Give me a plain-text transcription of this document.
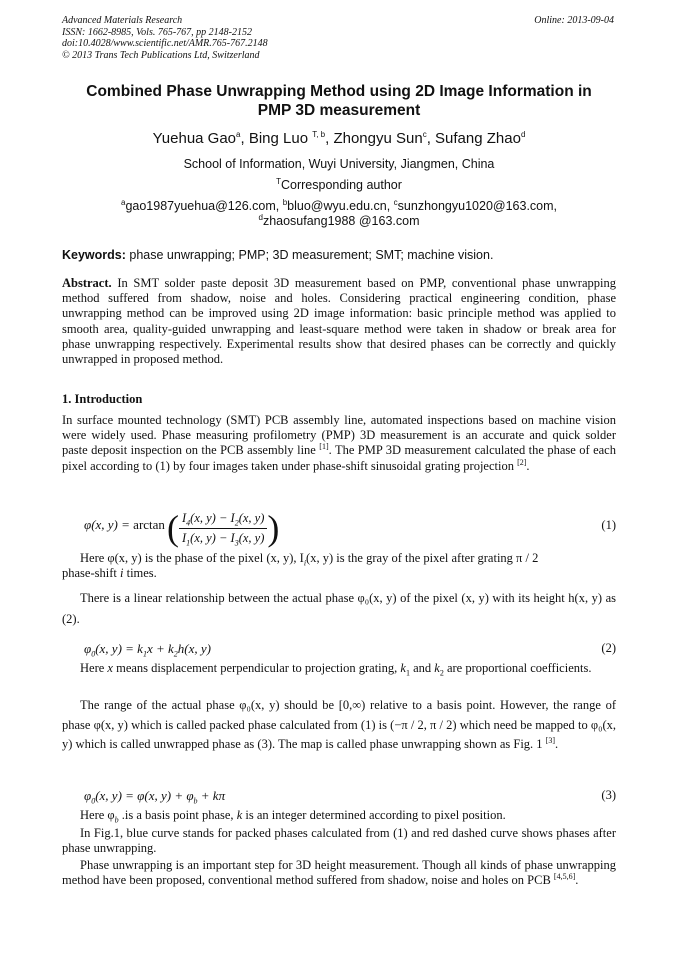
Advanced Materials Research
ISSN: 1662-8985, Vols. 765-767, pp 2148-2152
doi:10.4028/www.scientific.net/AMR.765-767.2148
© 2013 Trans Tech Publications Ltd, Switzerland
Online: 2013-09-04
Combined Phase Unwrapping Method using 2D Image Information in
PMP 3D measurement
Yuehua Gao$^a$, Bing Luo $^{T, b}$, Zhongyu Sun$^c$, Sufang Zhao$^d$
School of Information, Wuyi University, Jiangmen, China
$^T$Corresponding author
$^a$gao1987yuehua@126.com, $^b$bluo@wyu.edu.cn, $^c$sunzhongyu1020@163.com,
$^d$zhaosufang1988 @163.com
Keywords: phase unwrapping; PMP; 3D measurement; SMT; machine vision.
Abstract. In SMT solder paste deposit 3D measurement based on PMP, conventional phase unwrapping method suffered from shadow, noise and holes. Considering practical engineering condition, phase unwrapping method can be improved using 2D image information: basic principle method was applied to smooth area, quality-guided unwrapping and least-square method were taken in shadow or break area for phase unwrapping respectively. Experimental results show that desired phases can be correctly and quickly unwrapped in proposed method.
1. Introduction
In surface mounted technology (SMT) PCB assembly line, automated inspections based on machine vision were widely used. Phase measuring profilometry (PMP) 3D measurement is an accurate and quick solder paste deposit inspection on the PCB assembly line [1]. The PMP 3D measurement calculated the phase of each pixel according to (1) by four images taken under phase-shift sinusoidal grating projection [2].
φ(x, y) = arctan ( $\frac{I_4(x, y) - I_2(x, y)}{I_1(x, y) - I_3(x, y)}$ )	(1)
Here φ(x, y) is the phase of the pixel (x, y), $I_i(x$, y) is the gray of the pixel after grating π / 2
phase-shift i times.
There is a linear relationship between the actual phase φ₀(x, y) of the pixel (x, y) with its height h(x, y) as (2).
$\varphi_0(x$, $y) = k_1x + k_2h(x$, y)	(2)
Here x means displacement perpendicular to projection grating, $k_1$ and $k_2$ are proportional coefficients.
The range of the actual phase φ₀(x, y) should be [0,∞) relative to a basis point. However, the range of phase φ(x, y) which is called packed phase calculated from (1) is (−π / 2, π / 2) which need be mapped to φ₀(x, y) which is called unwrapped phase as (3). The map is called phase unwrapping shown as Fig. 1 [3].
$\varphi_0(x$, y) = φ(x, $y) + \varphi_b + k\pi$	(3)
Here $\varphi_b$ .is a basis point phase, k is an integer determined according to pixel position.
In Fig.1, blue curve stands for packed phases calculated from (1) and red dashed curve shows phases after phase unwrapping.
Phase unwrapping is an important step for 3D height measurement. Though all kinds of phase unwrapping method have been proposed, conventional method suffered from shadow, noise and holes on PCB [4,5,6].
